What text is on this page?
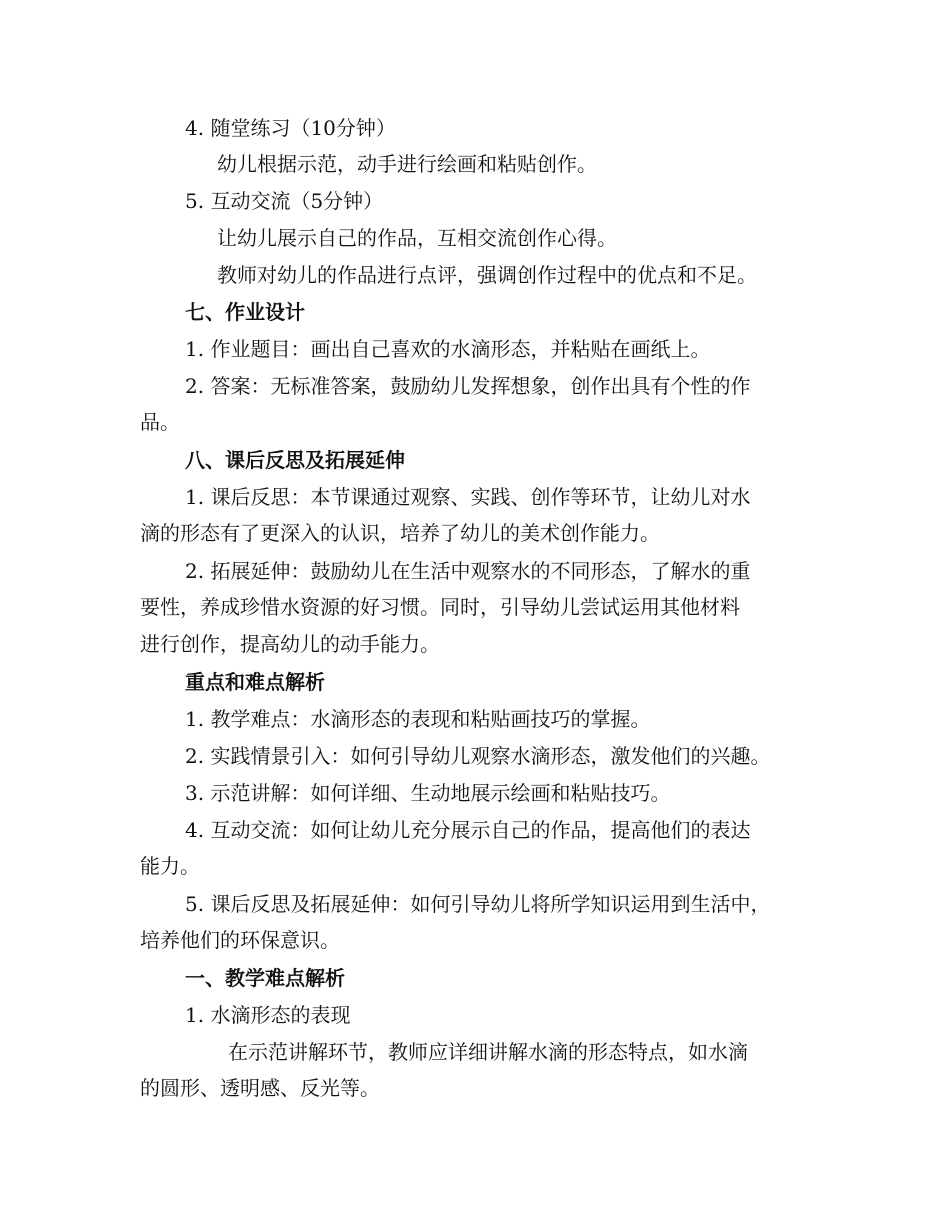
4. 随堂练习（10分钟）
幼儿根据示范，动手进行绘画和粘贴创作。
5. 互动交流（5分钟）
让幼儿展示自己的作品，互相交流创作心得。
教师对幼儿的作品进行点评，强调创作过程中的优点和不足。
七、作业设计
1. 作业题目：画出自己喜欢的水滴形态，并粘贴在画纸上。
2. 答案：无标准答案，鼓励幼儿发挥想象，创作出具有个性的作
品。
八、课后反思及拓展延伸
1. 课后反思：本节课通过观察、实践、创作等环节，让幼儿对水
滴的形态有了更深入的认识，培养了幼儿的美术创作能力。
2. 拓展延伸：鼓励幼儿在生活中观察水的不同形态，了解水的重
要性，养成珍惜水资源的好习惯。同时，引导幼儿尝试运用其他材料
进行创作，提高幼儿的动手能力。
重点和难点解析
1. 教学难点：水滴形态的表现和粘贴画技巧的掌握。
2. 实践情景引入：如何引导幼儿观察水滴形态，激发他们的兴趣。
3. 示范讲解：如何详细、生动地展示绘画和粘贴技巧。
4. 互动交流：如何让幼儿充分展示自己的作品，提高他们的表达
能力。
5. 课后反思及拓展延伸：如何引导幼儿将所学知识运用到生活中，
培养他们的环保意识。
一、教学难点解析
1. 水滴形态的表现
在示范讲解环节，教师应详细讲解水滴的形态特点，如水滴
的圆形、透明感、反光等。
